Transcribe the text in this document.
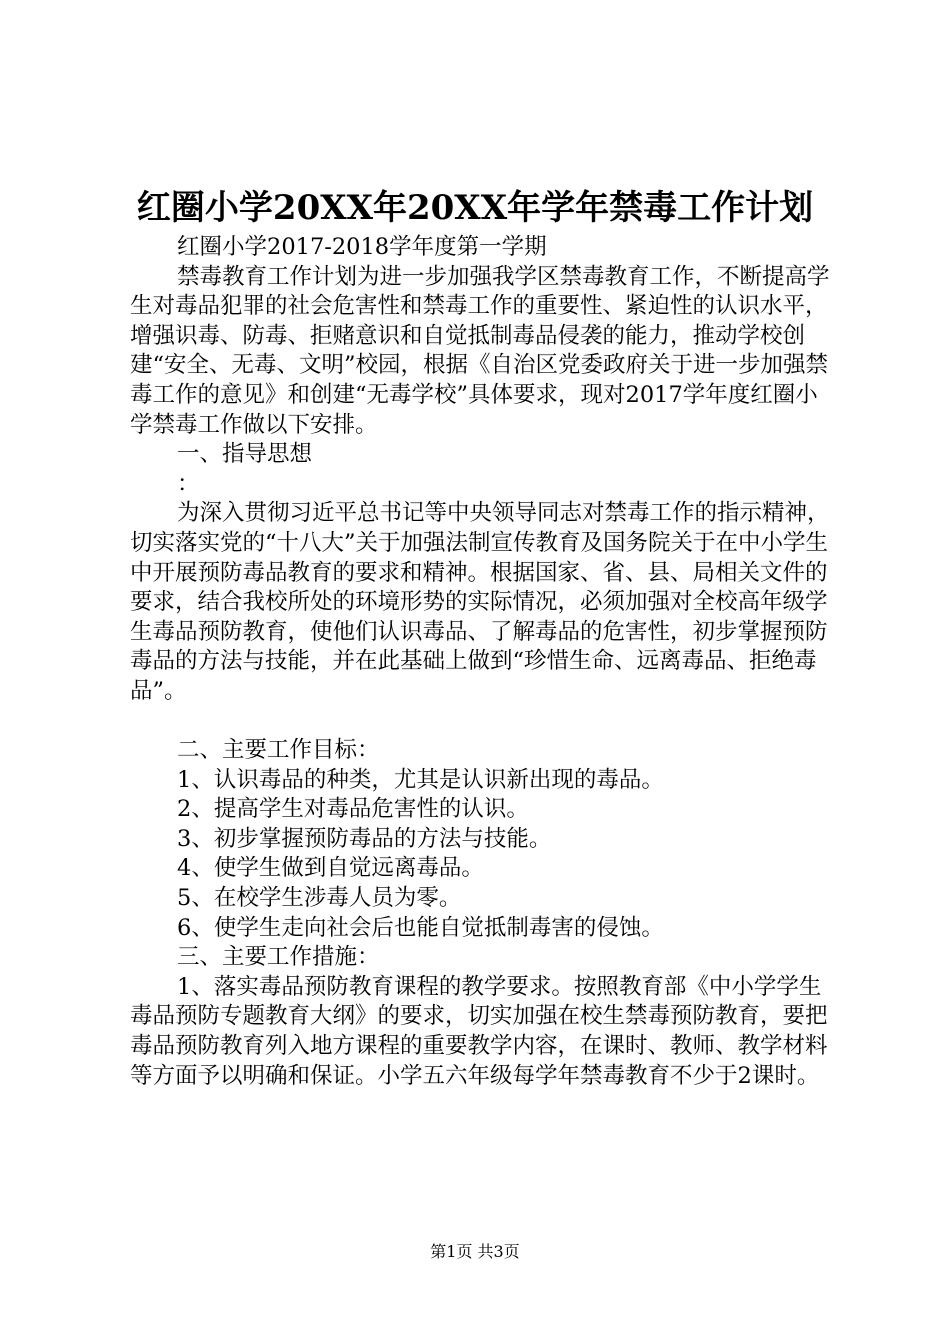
红圈小学20XX年20XX年学年禁毒工作计划

红圈小学2017-2018学年度第一学期

禁毒教育工作计划为进一步加强我学区禁毒教育工作，不断提高学生对毒品犯罪的社会危害性和禁毒工作的重要性、紧迫性的认识水平，增强识毒、防毒、拒赌意识和自觉抵制毒品侵袭的能力，推动学校创建“安全、无毒、文明”校园，根据《自治区党委政府关于进一步加强禁毒工作的意见》和创建“无毒学校”具体要求，现对2017学年度红圈小学禁毒工作做以下安排。

一、指导思想

：

为深入贯彻习近平总书记等中央领导同志对禁毒工作的指示精神，切实落实党的“十八大”关于加强法制宣传教育及国务院关于在中小学生中开展预防毒品教育的要求和精神。根据国家、省、县、局相关文件的要求，结合我校所处的环境形势的实际情况，必须加强对全校高年级学生毒品预防教育，使他们认识毒品、了解毒品的危害性，初步掌握预防毒品的方法与技能，并在此基础上做到“珍惜生命、远离毒品、拒绝毒品”。

二、主要工作目标：

1、认识毒品的种类，尤其是认识新出现的毒品。

2、提高学生对毒品危害性的认识。

3、初步掌握预防毒品的方法与技能。

4、使学生做到自觉远离毒品。

5、在校学生涉毒人员为零。

6、使学生走向社会后也能自觉抵制毒害的侵蚀。

三、主要工作措施：

1、落实毒品预防教育课程的教学要求。按照教育部《中小学学生毒品预防专题教育大纲》的要求，切实加强在校生禁毒预防教育，要把毒品预防教育列入地方课程的重要教学内容，在课时、教师、教学材料等方面予以明确和保证。小学五六年级每学年禁毒教育不少于2课时。

第1页 共3页
